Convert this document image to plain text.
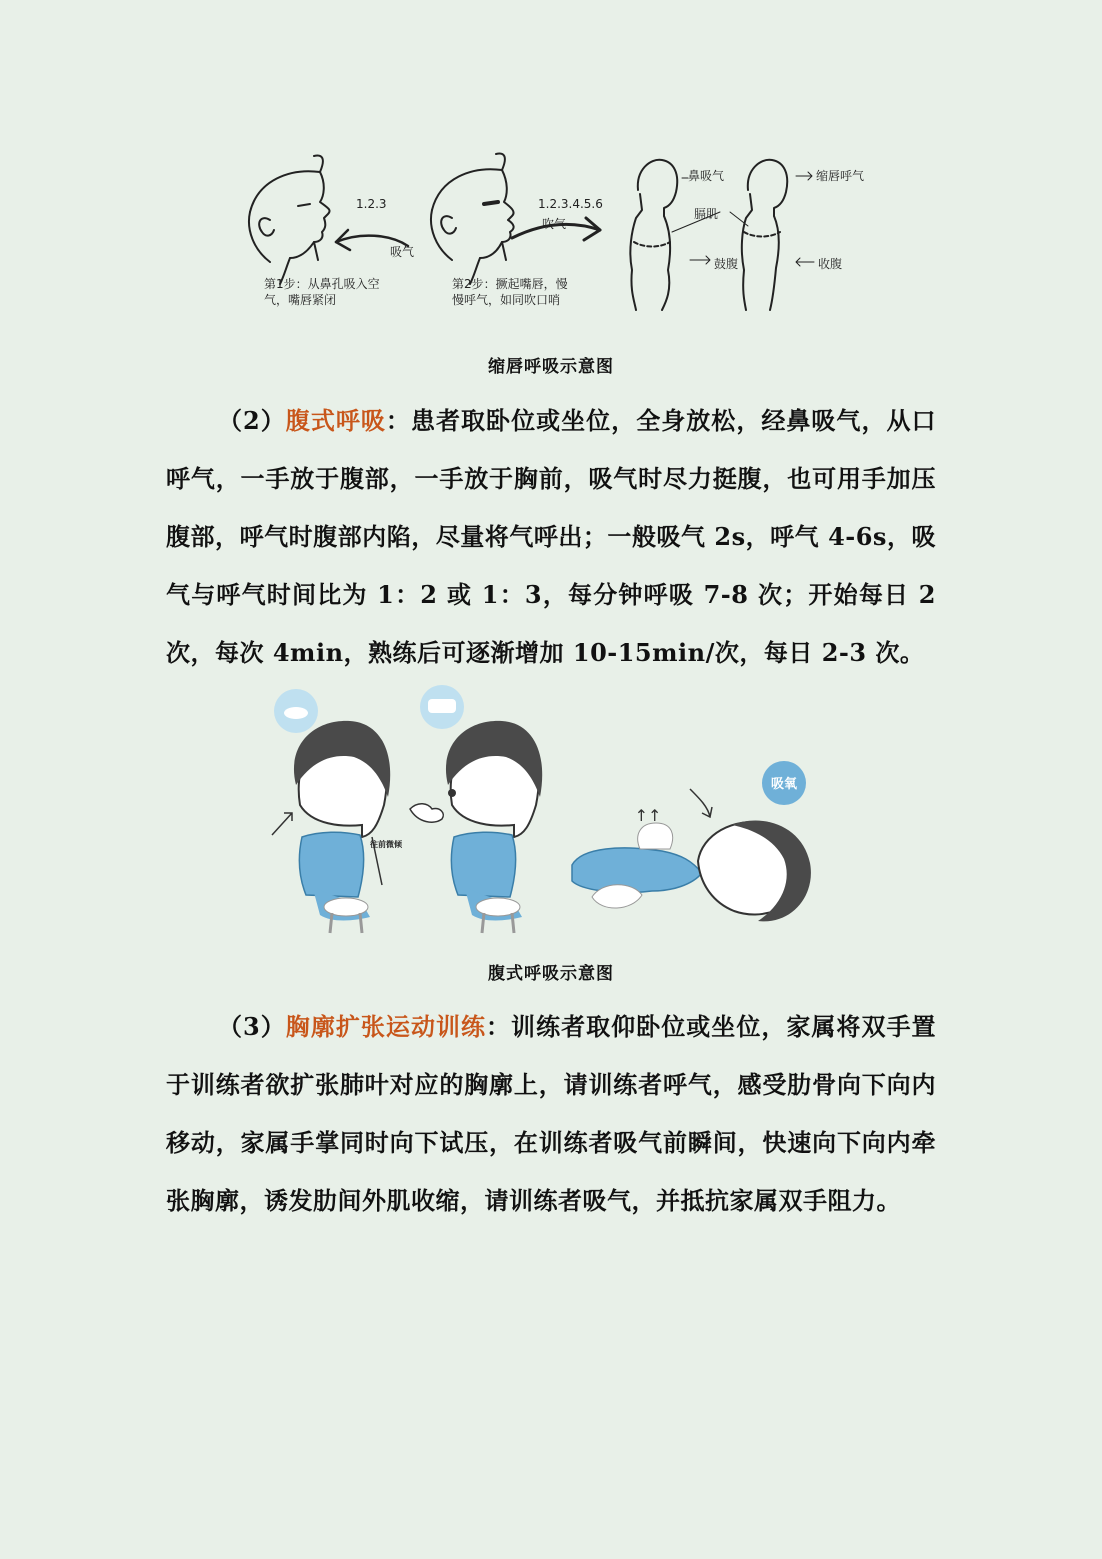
1.2.3
吸气
第1步：从鼻孔吸入空
气，嘴唇紧闭
1.2.3.4.5.6
吹气
第2步：撅起嘴唇，慢
慢呼气，如同吹口哨
鼻吸气
膈肌
鼓腹
缩唇呼气
收腹
缩唇呼吸示意图
（2）腹式呼吸：患者取卧位或坐位，全身放松，经鼻吸气，从口呼气，一手放于腹部，一手放于胸前，吸气时尽力挺腹，也可用手加压腹部，呼气时腹部内陷，尽量将气呼出；一般吸气 2s，呼气 4-6s，吸气与呼气时间比为 1：2 或 1：3，每分钟呼吸 7-8 次；开始每日 2 次，每次 4min，熟练后可逐渐增加 10-15min/次，每日 2-3 次。
往前微倾
吸氧
↑↑
腹式呼吸示意图
（3）胸廓扩张运动训练：训练者取仰卧位或坐位，家属将双手置于训练者欲扩张肺叶对应的胸廓上，请训练者呼气，感受肋骨向下向内移动，家属手掌同时向下试压，在训练者吸气前瞬间，快速向下向内牵张胸廓，诱发肋间外肌收缩，请训练者吸气，并抵抗家属双手阻力。
